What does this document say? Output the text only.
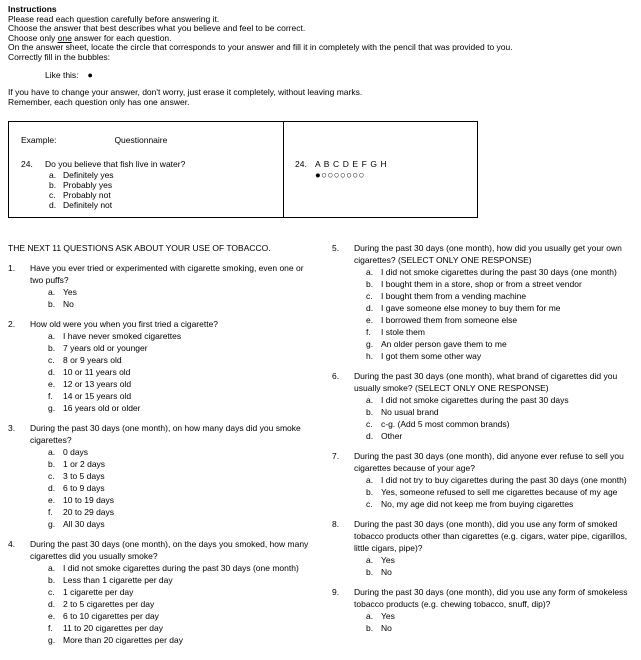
Instructions
Please read each question carefully before answering it.
Choose the answer that best describes what you believe and feel to be correct.
Choose only one answer for each question.
On the answer sheet, locate the circle that corresponds to your answer and fill it in completely with the pencil that was provided to you.
Correctly fill in the bubbles:
Like this: ●
If you have to change your answer, don't worry, just erase it completely, without leaving marks.
Remember, each question only has one answer.
Example:	Questionnaire
24.	Do you believe that fish live in water?
a. Definitely yes
b. Probably yes
c. Probably not
d. Definitely not
24. A B C D E F G H
●○○○○○○○
THE NEXT 11 QUESTIONS ASK ABOUT YOUR USE OF TOBACCO.
1.	Have you ever tried or experimented with cigarette smoking, even one or two puffs?
a. Yes
b. No
2.	How old were you when you first tried a cigarette?
a. I have never smoked cigarettes
b. 7 years old or younger
c. 8 or 9 years old
d. 10 or 11 years old
e. 12 or 13 years old
f.	14 or 15 years old
g. 16 years old or older
3.	During the past 30 days (one month), on how many days did you smoke cigarettes?
a. 0 days
b. 1 or 2 days
c. 3 to 5 days
d. 6 to 9 days
e. 10 to 19 days
f.	20 to 29 days
g. All 30 days
4.	During the past 30 days (one month), on the days you smoked, how many cigarettes did you usually smoke?
a. I did not smoke cigarettes during the past 30 days (one month)
b. Less than 1 cigarette per day
c. 1 cigarette per day
d. 2 to 5 cigarettes per day
e. 6 to 10 cigarettes per day
f.	11 to 20 cigarettes per day
g. More than 20 cigarettes per day
5.	During the past 30 days (one month), how did you usually get your own cigarettes? (SELECT ONLY ONE RESPONSE)
a. I did not smoke cigarettes during the past 30 days (one month)
b. I bought them in a store, shop or from a street vendor
c. I bought them from a vending machine
d. I gave someone else money to buy them for me
e. I borrowed them from someone else
f.	I stole them
g. An older person gave them to me
h. I got them some other way
6.	During the past 30 days (one month), what brand of cigarettes did you usually smoke? (SELECT ONLY ONE RESPONSE)
a. I did not smoke cigarettes during the past 30 days
b. No usual brand
c. c-g. (Add 5 most common brands)
d. Other
7.	During the past 30 days (one month), did anyone ever refuse to sell you cigarettes because of your age?
a. I did not try to buy cigarettes during the past 30 days (one month)
b. Yes, someone refused to sell me cigarettes because of my age
c. No, my age did not keep me from buying cigarettes
8.	During the past 30 days (one month), did you use any form of smoked tobacco products other than cigarettes (e.g. cigars, water pipe, cigarillos, little cigars, pipe)?
a. Yes
b. No
9.	During the past 30 days (one month), did you use any form of smokeless tobacco products (e.g. chewing tobacco, snuff, dip)?
a. Yes
b. No
